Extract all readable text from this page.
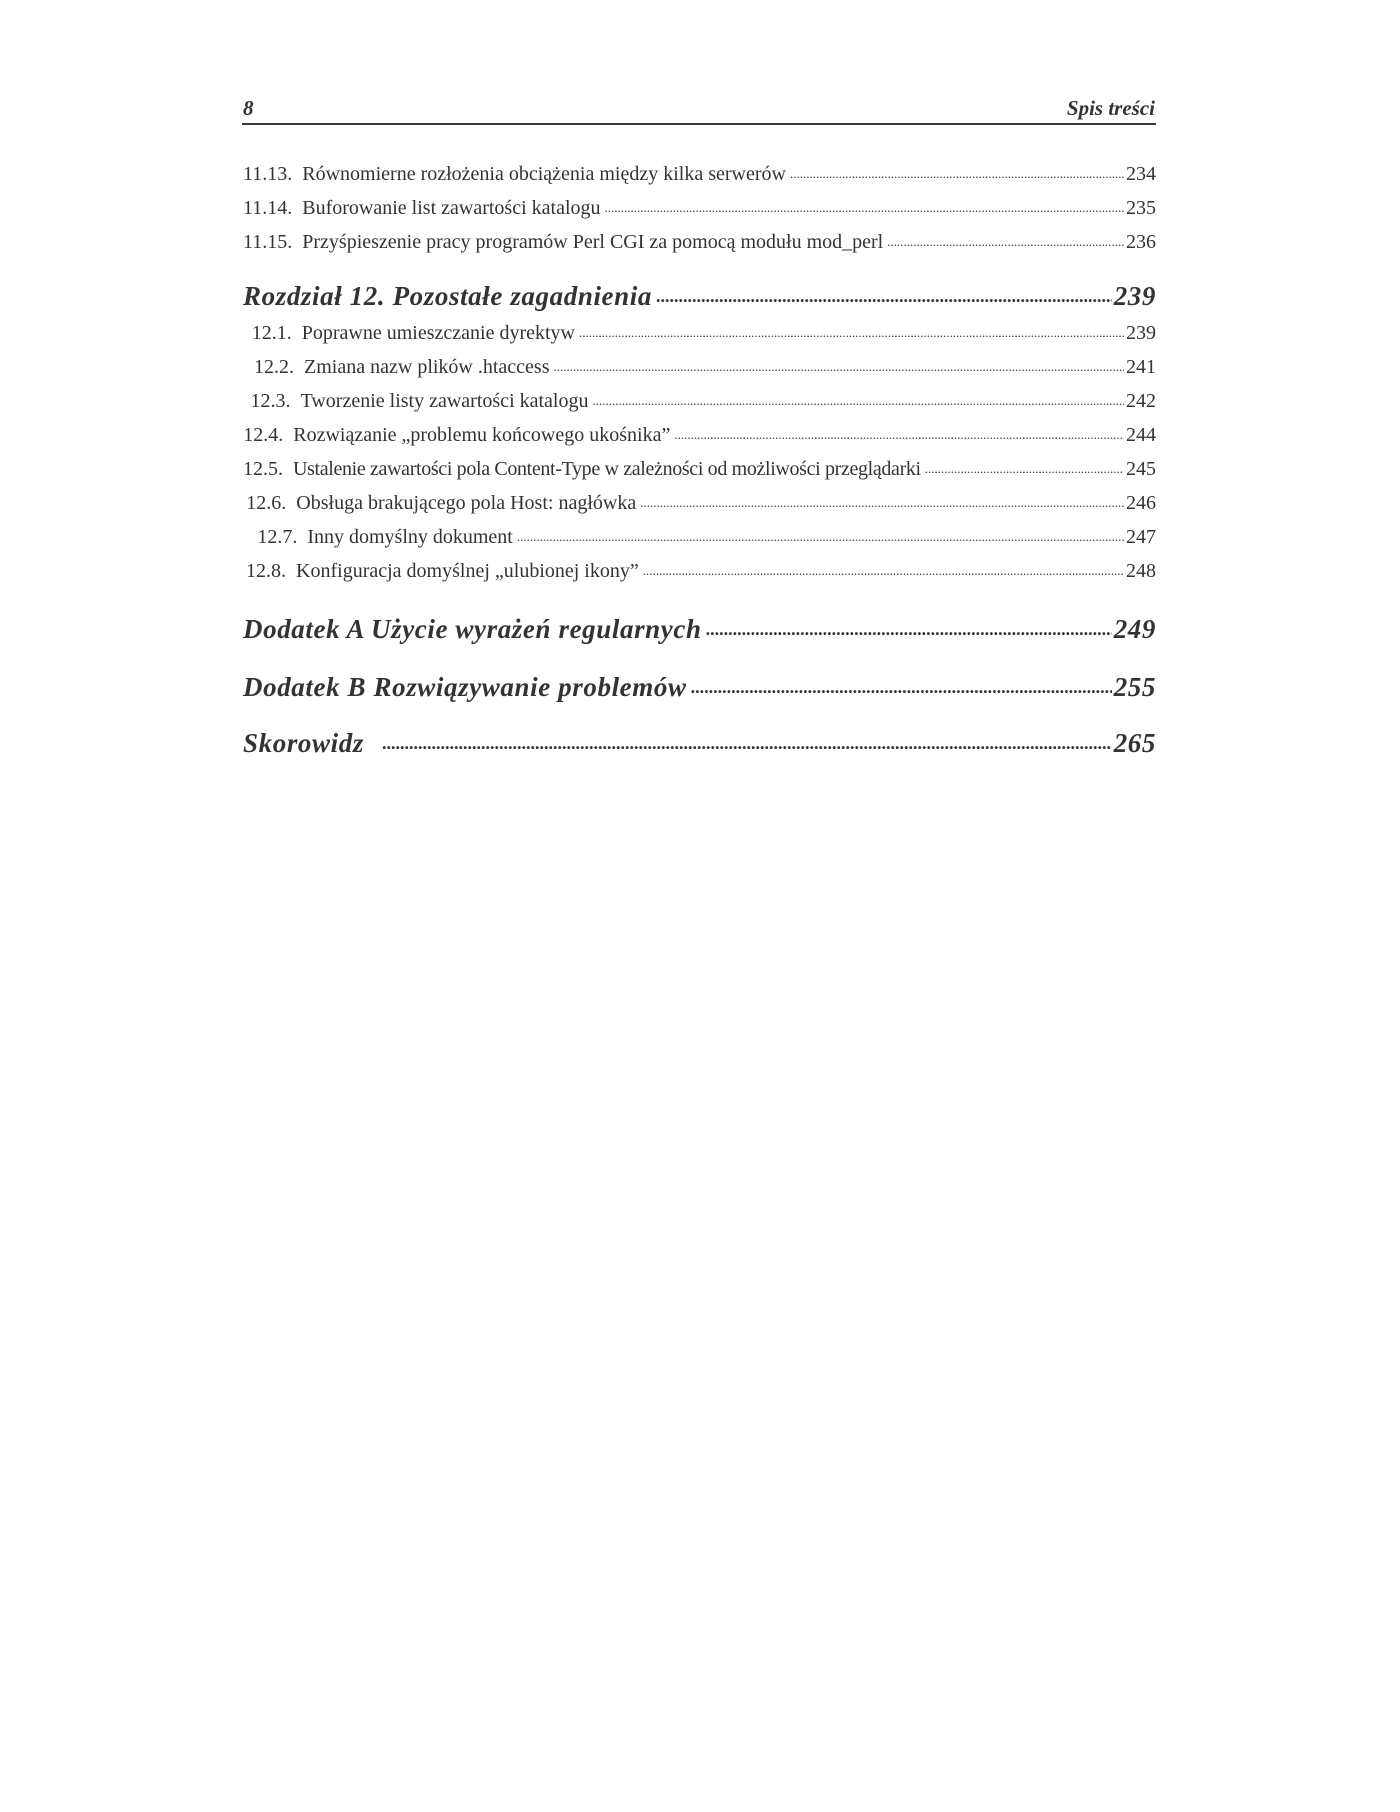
8	Spis treści
11.13. Równomierne rozłożenia obciążenia między kilka serwerów .....	234
11.14. Buforowanie list zawartości katalogu .....	235
11.15. Przyśpieszenie pracy programów Perl CGI za pomocą modułu mod_perl .....	236
Rozdział 12. Pozostałe zagadnienia .....	239
12.1. Poprawne umieszczanie dyrektyw .....	239
12.2. Zmiana nazw plików .htaccess .....	241
12.3. Tworzenie listy zawartości katalogu .....	242
12.4. Rozwiązanie „problemu końcowego ukośnika” .....	244
12.5. Ustalenie zawartości pola Content-Type w zależności od możliwości przeglądarki .....	245
12.6. Obsługa brakującego pola Host: nagłówka .....	246
12.7. Inny domyślny dokument .....	247
12.8. Konfiguracja domyślnej „ulubionej ikony” .....	248
Dodatek A Użycie wyrażeń regularnych .....	249
Dodatek B Rozwiązywanie problemów .....	255
Skorowidz .....	265
